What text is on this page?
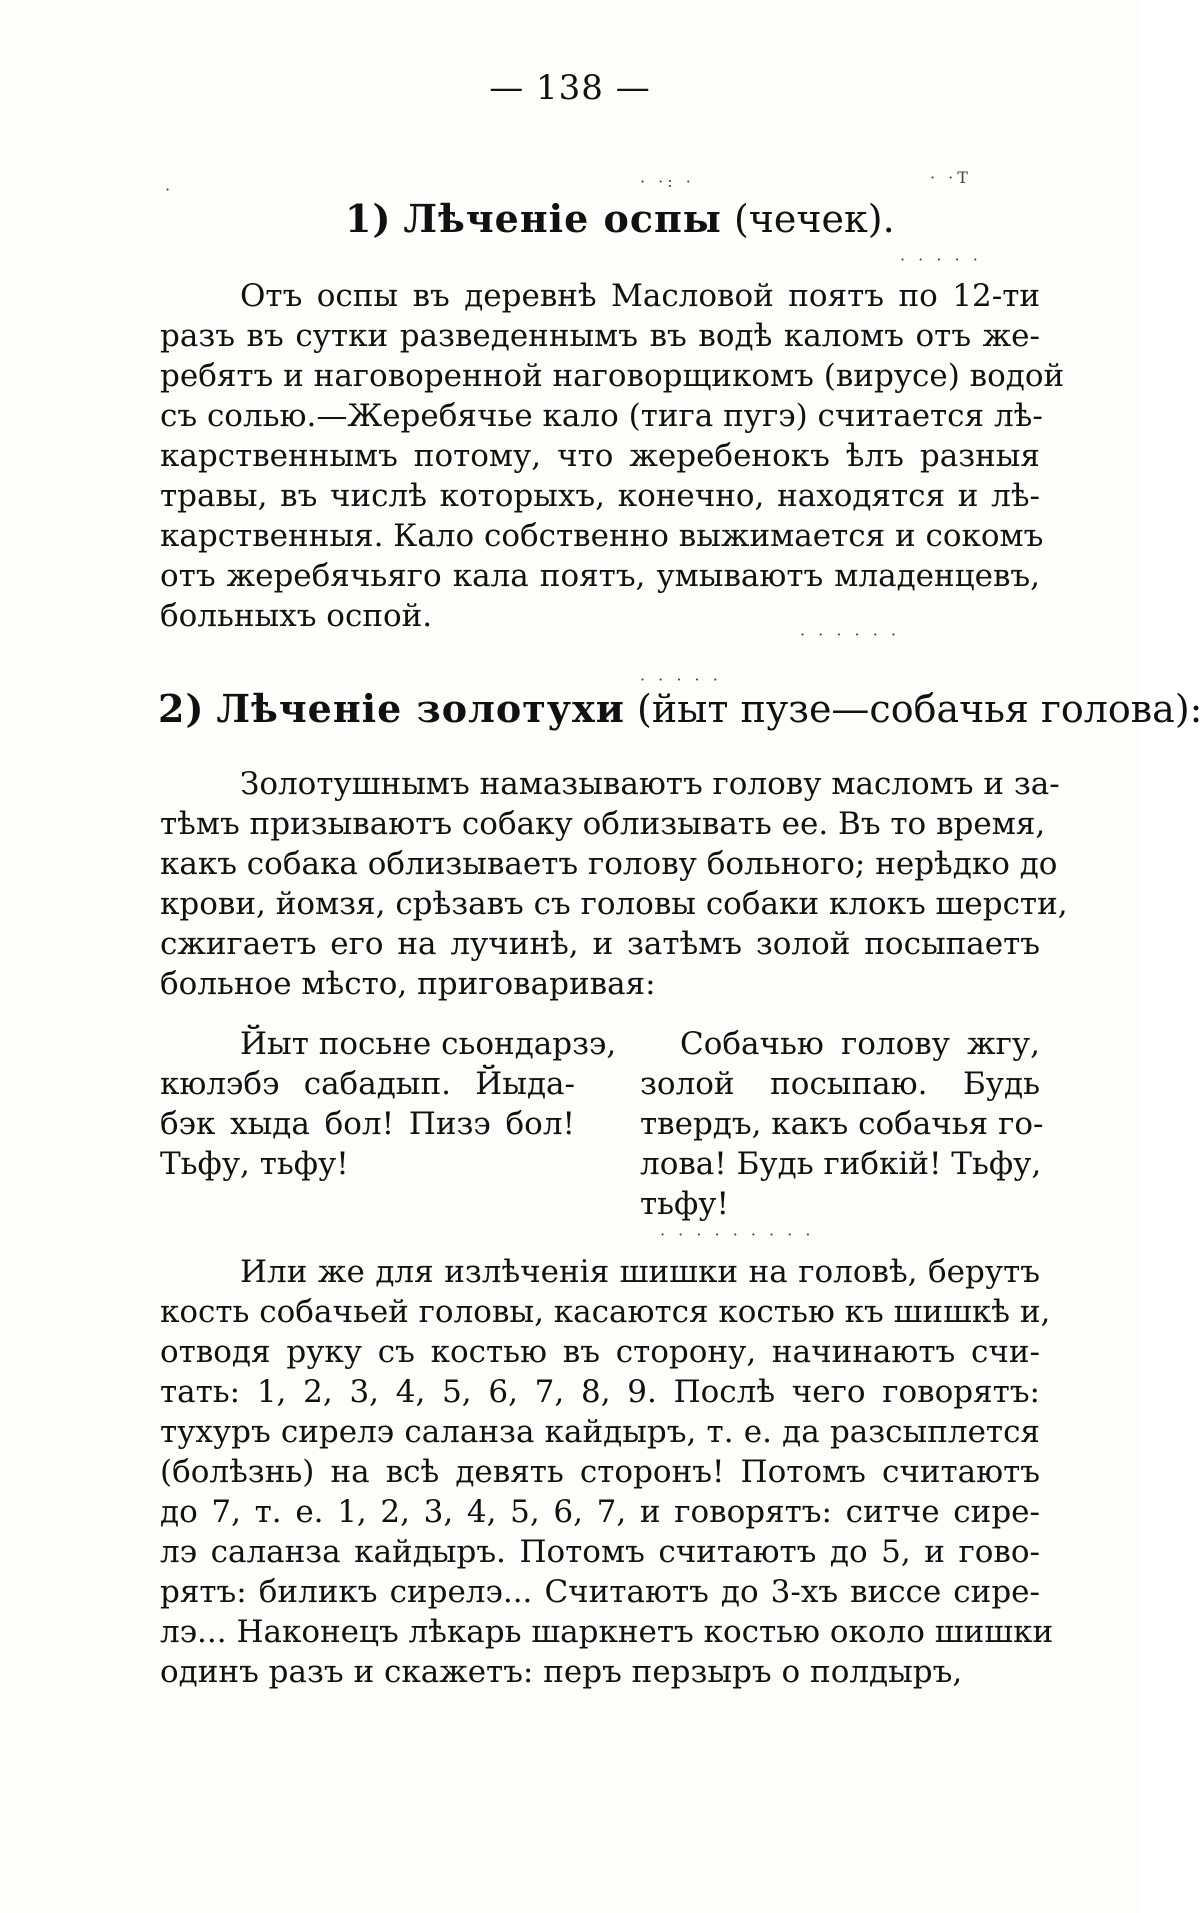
— 138 —
·	· ·: ·	· ·Т
· · · · ·
· · · · · ·
· · · · ·
· · · · · · · · ·
1) Лѣченіе оспы (чечек).

Отъ оспы въ деревнѣ Масловой поятъ по 12-ти
разъ въ сутки разведеннымъ въ водѣ каломъ отъ же-
ребятъ и наговоренной наговорщикомъ (вирусе) водой
съ солью.—Жеребячье кало (тига пугэ) считается лѣ-
карственнымъ потому, что жеребенокъ ѣлъ разныя
травы, въ числѣ которыхъ, конечно, находятся и лѣ-
карственныя. Кало собственно выжимается и сокомъ
отъ жеребячьяго кала поятъ, умываютъ младенцевъ,
больныхъ оспой.

2) Лѣченіе золотухи (йыт пузе—собачья голова):

Золотушнымъ намазываютъ голову масломъ и за-
тѣмъ призываютъ собаку облизывать ее. Въ то время,
какъ собака облизываетъ голову больного; нерѣдко до
крови, йомзя, срѣзавъ съ головы собаки клокъ шерсти,
сжигаетъ его на лучинѣ, и затѣмъ золой посыпаетъ
больное мѣсто, приговаривая:

Йыт посьне сьондарзэ,
кюлэбэ сабадып. Йыда-
бэк хыда бол! Пизэ бол!
Тьфу, тьфу!
Собачью голову жгу,
золой посыпаю. Будь
твердъ, какъ собачья го-
лова! Будь гибкій! Тьфу,
тьфу!

Или же для излѣченія шишки на головѣ, берутъ
кость собачьей головы, касаются костью къ шишкѣ и,
отводя руку съ костью въ сторону, начинаютъ счи-
тать: 1, 2, 3, 4, 5, 6, 7, 8, 9. Послѣ чего говорятъ:
тухуръ сирелэ саланза кайдыръ, т. е. да разсыплется
(болѣзнь) на всѣ девять сторонъ! Потомъ считаютъ
до 7, т. е. 1, 2, 3, 4, 5, 6, 7, и говорятъ: ситче сире-
лэ саланза кайдыръ. Потомъ считаютъ до 5, и гово-
рятъ: биликъ сирелэ... Считаютъ до 3-хъ виссе сире-
лэ... Наконецъ лѣкарь шаркнетъ костью около шишки
одинъ разъ и скажетъ: перъ перзыръ о полдыръ,
